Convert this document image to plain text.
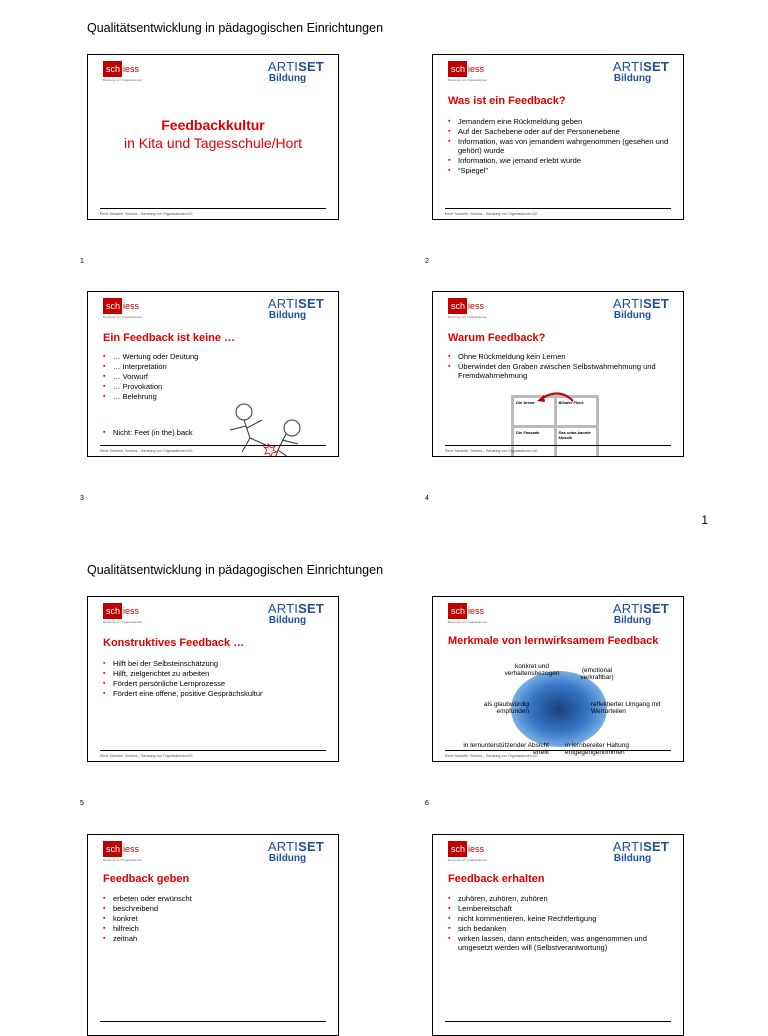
Qualitätsentwicklung in pädagogischen Einrichtungen
Qualitätsentwicklung in pädagogischen Einrichtungen
1
sch iess
Beratung von Organisationen
ARTISET
Bildung
Feedbackkultur
in Kita und Tagesschule/Hort
René Schaefer, Schiess – Beratung von Organisationen AG
1
sch iess
Beratung von Organisationen
ARTISET
Bildung
Was ist ein Feedback?
▪ Jemandem eine Rückmeldung geben
▪ Auf der Sachebene oder auf der Personenebene
▪ Information, was von jemandem wahrgenommen (gesehen und gehört) wurde
▪ Information, wie jemand erlebt wurde
▪ “Spiegel”
René Schaefer, Schiess – Beratung von Organisationen AG
2
sch iess
Beratung von Organisationen
ARTISET
Bildung
Ein Feedback ist keine …
▪ … Wertung oder Deutung
▪ … Interpretation
▪ … Vorwurf
▪ … Provokation
▪ … Belehrung
▪ Nicht: Feet (in the) back
René Schaefer, Schiess – Beratung von Organisationen AG
3
sch iess
Beratung von Organisationen
ARTISET
Bildung
Warum Feedback?
▪ Ohne Rückmeldung kein Lernen
▪ Überwindet den Graben zwischen Selbstwahrnehmung und Fremdwahrnehmung
Die Arena	Blinder Fleck
Die Fassade	Das unbe-kannte Mosaik
René Schaefer, Schiess – Beratung von Organisationen AG
4
sch iess
Beratung von Organisationen
ARTISET
Bildung
Konstruktives Feedback …
▪ Hilft bei der Selbsteinschätzung
▪ Hilft, zielgerichtet zu arbeiten
▪ Fördert persönliche Lernprozesse
▪ Fördert eine offene, positive Gesprächskultur
René Schaefer, Schiess – Beratung von Organisationen AG
5
sch iess
Beratung von Organisationen
ARTISET
Bildung
Merkmale von lernwirksamem Feedback
konkret und verhaltensbezogen	(emotional verkraftbar)
als glaubwürdig empfunden
reflektierter Umgang mit Werturteilen
in lernunterstützender Absicht erteilt
in lernbereiter Haltung entgegengenommen
René Schaefer, Schiess – Beratung von Organisationen AG
6
sch iess
Beratung von Organisationen
ARTISET
Bildung
Feedback geben
▪ erbeten oder erwünscht
▪ beschreibend
▪ konkret
▪ hilfreich
▪ zeitnah
sch iess
Beratung von Organisationen
ARTISET
Bildung
Feedback erhalten
▪ zuhören, zuhören, zuhören
▪ Lernbereitschaft
▪ nicht kommentieren, keine Rechtfertigung
▪ sich bedanken
▪ wirken lassen, dann entscheiden, was angenommen und umgesetzt werden will (Selbstverantwortung)
